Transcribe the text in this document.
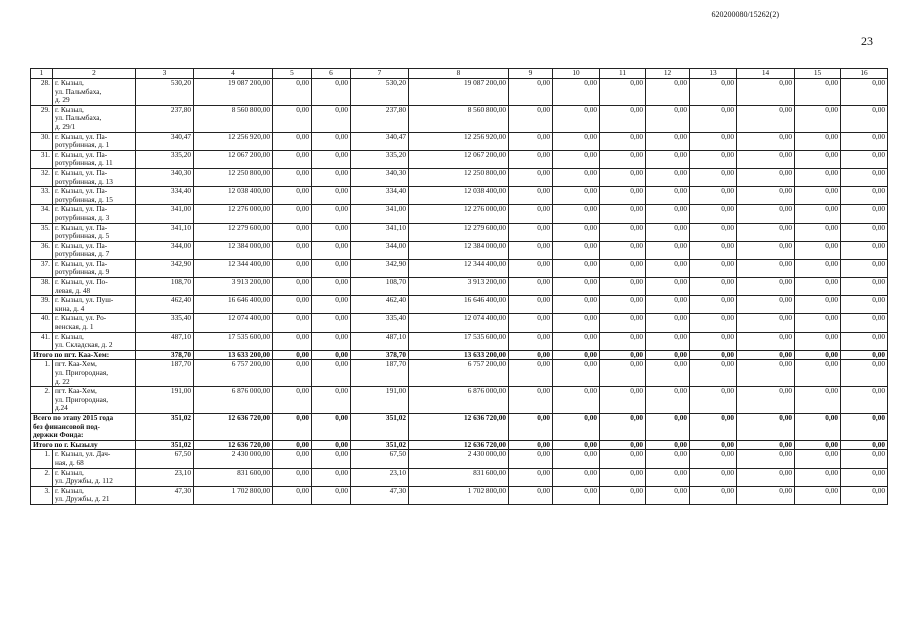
620200080/15262(2)
23
1	2	3	4	5	6	7	8	9	10	11	12	13	14	15	16
28.	г. Кызыл,
ул. Пальмбаха,
д. 29	530,20	19 087 200,00	0,00	0,00	530,20	19 087 200,00	0,00	0,00	0,00	0,00	0,00	0,00	0,00	0,00
29.	г. Кызыл,
ул. Пальмбаха,
д. 29/1	237,80	8 560 800,00	0,00	0,00	237,80	8 560 800,00	0,00	0,00	0,00	0,00	0,00	0,00	0,00	0,00
30.	г. Кызыл, ул. Па-
ротурбинная, д. 1	340,47	12 256 920,00	0,00	0,00	340,47	12 256 920,00	0,00	0,00	0,00	0,00	0,00	0,00	0,00	0,00
31.	г. Кызыл, ул. Па-
ротурбинная, д. 11	335,20	12 067 200,00	0,00	0,00	335,20	12 067 200,00	0,00	0,00	0,00	0,00	0,00	0,00	0,00	0,00
32.	г. Кызыл, ул. Па-
ротурбинная, д. 13	340,30	12 250 800,00	0,00	0,00	340,30	12 250 800,00	0,00	0,00	0,00	0,00	0,00	0,00	0,00	0,00
33.	г. Кызыл, ул. Па-
ротурбинная, д. 15	334,40	12 038 400,00	0,00	0,00	334,40	12 038 400,00	0,00	0,00	0,00	0,00	0,00	0,00	0,00	0,00
34.	г. Кызыл, ул. Па-
ротурбинная, д. 3	341,00	12 276 000,00	0,00	0,00	341,00	12 276 000,00	0,00	0,00	0,00	0,00	0,00	0,00	0,00	0,00
35.	г. Кызыл, ул. Па-
ротурбинная, д. 5	341,10	12 279 600,00	0,00	0,00	341,10	12 279 600,00	0,00	0,00	0,00	0,00	0,00	0,00	0,00	0,00
36.	г. Кызыл, ул. Па-
ротурбинная, д. 7	344,00	12 384 000,00	0,00	0,00	344,00	12 384 000,00	0,00	0,00	0,00	0,00	0,00	0,00	0,00	0,00
37.	г. Кызыл, ул. Па-
ротурбинная, д. 9	342,90	12 344 400,00	0,00	0,00	342,90	12 344 400,00	0,00	0,00	0,00	0,00	0,00	0,00	0,00	0,00
38.	г. Кызыл, ул. По-
левая, д. 48	108,70	3 913 200,00	0,00	0,00	108,70	3 913 200,00	0,00	0,00	0,00	0,00	0,00	0,00	0,00	0,00
39.	г. Кызыл, ул. Пуш-
кина, д. 4	462,40	16 646 400,00	0,00	0,00	462,40	16 646 400,00	0,00	0,00	0,00	0,00	0,00	0,00	0,00	0,00
40.	г. Кызыл, ул. Ро-
венская, д. 1	335,40	12 074 400,00	0,00	0,00	335,40	12 074 400,00	0,00	0,00	0,00	0,00	0,00	0,00	0,00	0,00
41.	г. Кызыл,
ул. Складская, д. 2	487,10	17 535 600,00	0,00	0,00	487,10	17 535 600,00	0,00	0,00	0,00	0,00	0,00	0,00	0,00	0,00

Итого по пгт. Каа-Хем:		378,70	13 633 200,00	0,00	0,00	378,70	13 633 200,00	0,00	0,00	0,00	0,00	0,00	0,00	0,00	0,00
1.	пгт. Каа-Хем,
ул. Пригородная,
д. 22	187,70	6 757 200,00	0,00	0,00	187,70	6 757 200,00	0,00	0,00	0,00	0,00	0,00	0,00	0,00	0,00
2.	пгт. Каа-Хем,
ул. Пригородная,
д.24	191,00	6 876 000,00	0,00	0,00	191,00	6 876 000,00	0,00	0,00	0,00	0,00	0,00	0,00	0,00	0,00

Всего по этапу 2015 года
без финансовой под-
держки Фонда:		351,02	12 636 720,00	0,00	0,00	351,02	12 636 720,00	0,00	0,00	0,00	0,00	0,00	0,00	0,00	0,00

Итого по г. Кызылу		351,02	12 636 720,00	0,00	0,00	351,02	12 636 720,00	0,00	0,00	0,00	0,00	0,00	0,00	0,00	0,00
1.	г. Кызыл, ул. Дач-
ная, д. 68	67,50	2 430 000,00	0,00	0,00	67,50	2 430 000,00	0,00	0,00	0,00	0,00	0,00	0,00	0,00	0,00
2.	г. Кызыл,
ул. Дружбы, д. 112	23,10	831 600,00	0,00	0,00	23,10	831 600,00	0,00	0,00	0,00	0,00	0,00	0,00	0,00	0,00
3.	г. Кызыл,
ул. Дружбы, д. 21	47,30	1 702 800,00	0,00	0,00	47,30	1 702 800,00	0,00	0,00	0,00	0,00	0,00	0,00	0,00	0,00
